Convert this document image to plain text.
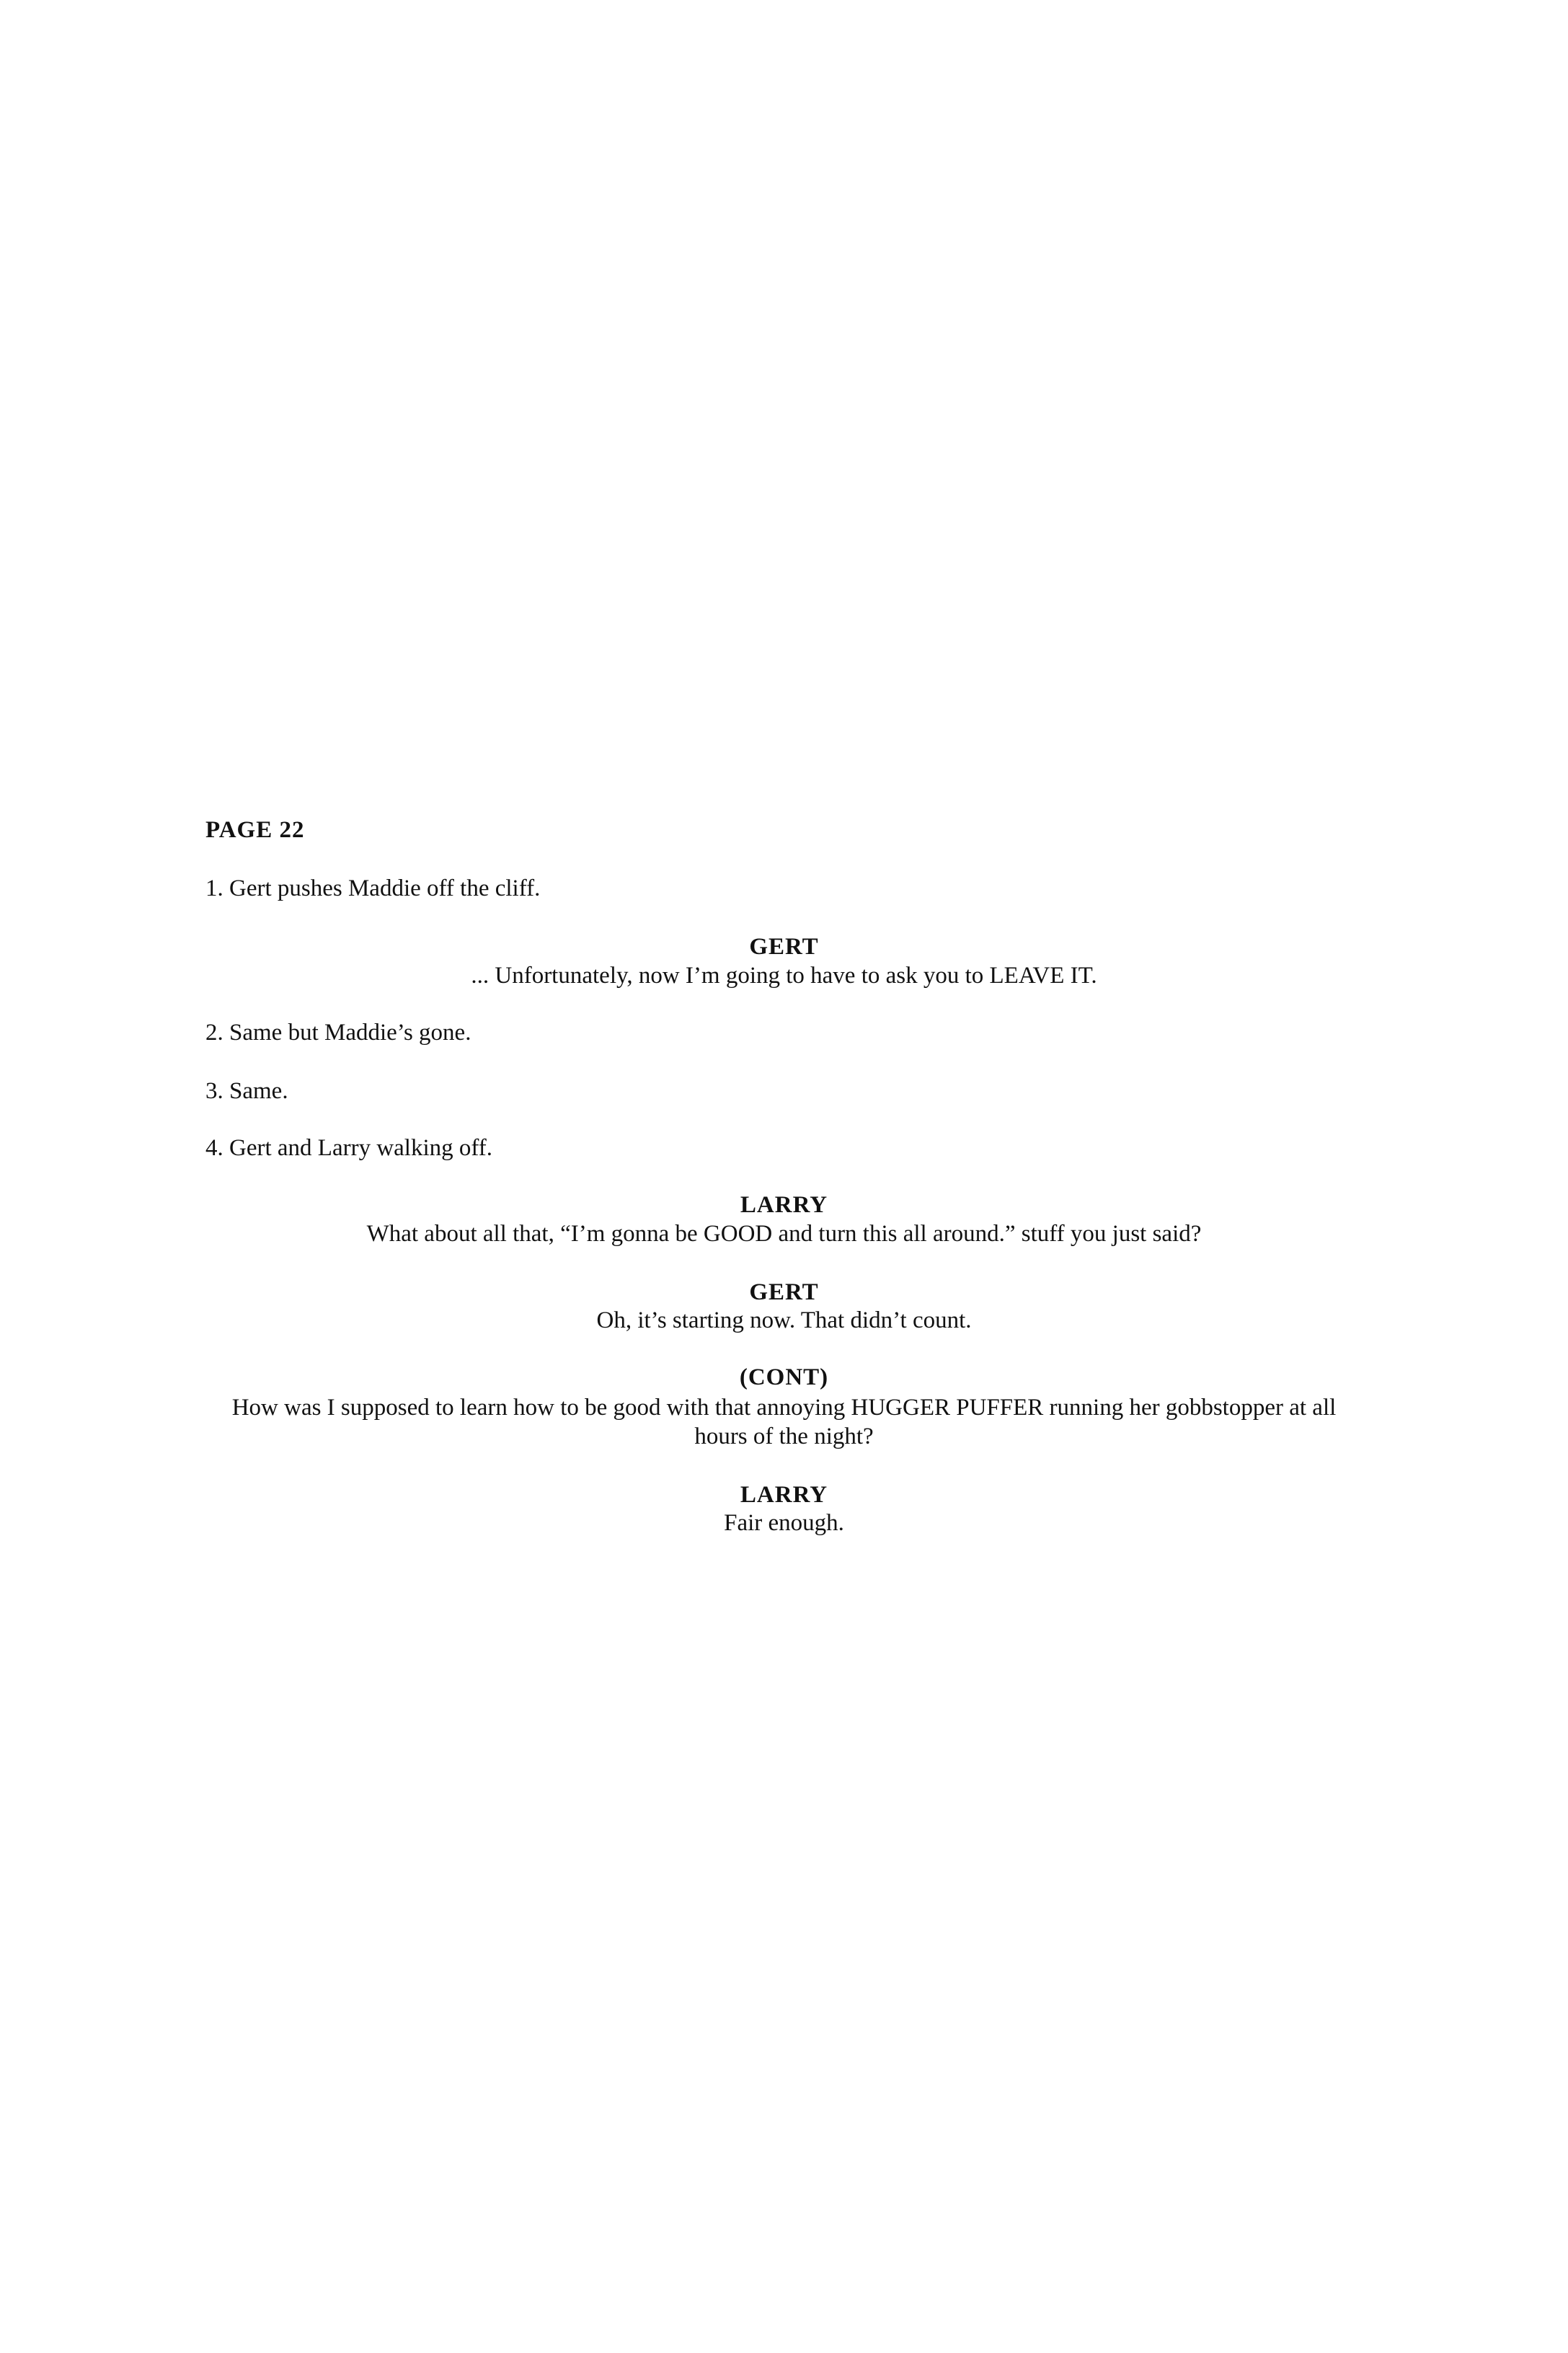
PAGE 22
1. Gert pushes Maddie off the cliff.
GERT
... Unfortunately, now I’m going to have to ask you to LEAVE IT.
2. Same but Maddie’s gone.
3. Same.
4. Gert and Larry walking off.
LARRY
What about all that, “I’m gonna be GOOD and turn this all around.” stuff you just said?
GERT
Oh, it’s starting now. That didn’t count.
(CONT)
How was I supposed to learn how to be good with that annoying HUGGER PUFFER running her gobbstopper at all hours of the night?
LARRY
Fair enough.
